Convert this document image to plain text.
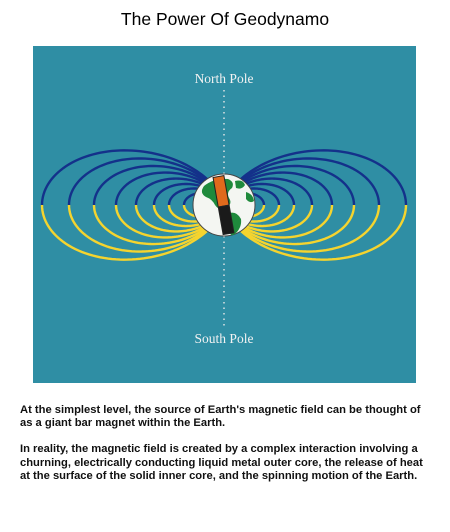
The Power Of Geodynamo
North Pole
South Pole

At the simplest level, the source of Earth's magnetic field can be thought of as a giant bar magnet within the Earth.

In reality, the magnetic field is created by a complex interaction involving a churning, electrically conducting liquid metal outer core, the release of heat at the surface of the solid inner core, and the spinning motion of the Earth.
